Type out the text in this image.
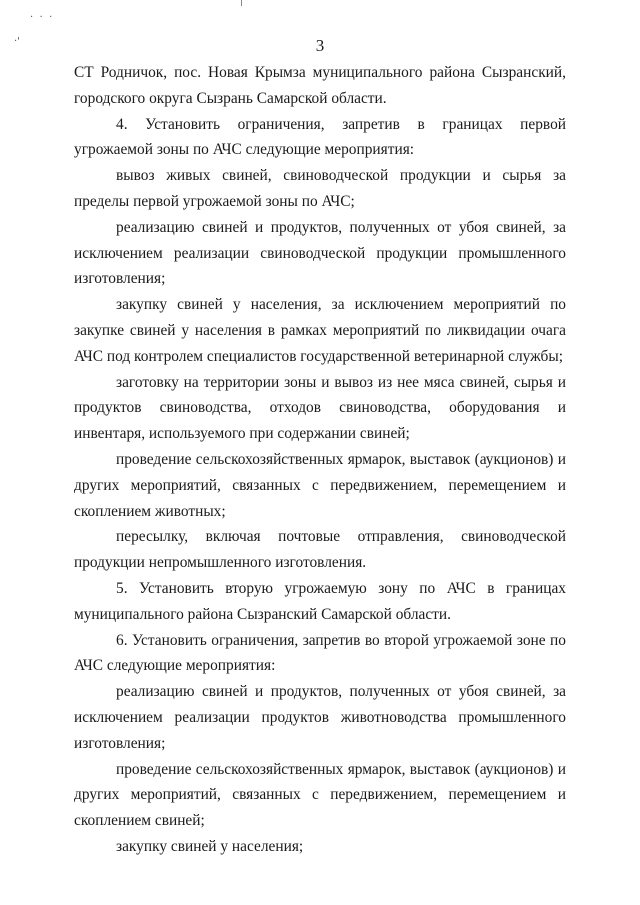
·  ·  ·
·'	3

СТ Родничок, пос. Новая Крымза муниципального района Сызранский, городского округа Сызрань Самарской области.

4. Установить ограничения, запретив в границах первой угрожаемой зоны по АЧС следующие мероприятия:

вывоз живых свиней, свиноводческой продукции и сырья за пределы первой угрожаемой зоны по АЧС;

реализацию свиней и продуктов, полученных от убоя свиней, за исключением реализации свиноводческой продукции промышленного изготовления;

закупку свиней у населения, за исключением мероприятий по закупке свиней у населения в рамках мероприятий по ликвидации очага АЧС под контролем специалистов государственной ветеринарной службы;

заготовку на территории зоны и вывоз из нее мяса свиней, сырья и продуктов свиноводства, отходов свиноводства, оборудования и инвентаря, используемого при содержании свиней;

проведение сельскохозяйственных ярмарок, выставок (аукционов) и других мероприятий, связанных с передвижением, перемещением и скоплением животных;

пересылку, включая почтовые отправления, свиноводческой продукции непромышленного изготовления.

5. Установить вторую угрожаемую зону по АЧС в границах муниципального района Сызранский Самарской области.

6. Установить ограничения, запретив во второй угрожаемой зоне по АЧС следующие мероприятия:

реализацию свиней и продуктов, полученных от убоя свиней, за исключением реализации продуктов животноводства промышленного изготовления;

проведение сельскохозяйственных ярмарок, выставок (аукционов) и других мероприятий, связанных с передвижением, перемещением и скоплением свиней;

закупку свиней у населения;
